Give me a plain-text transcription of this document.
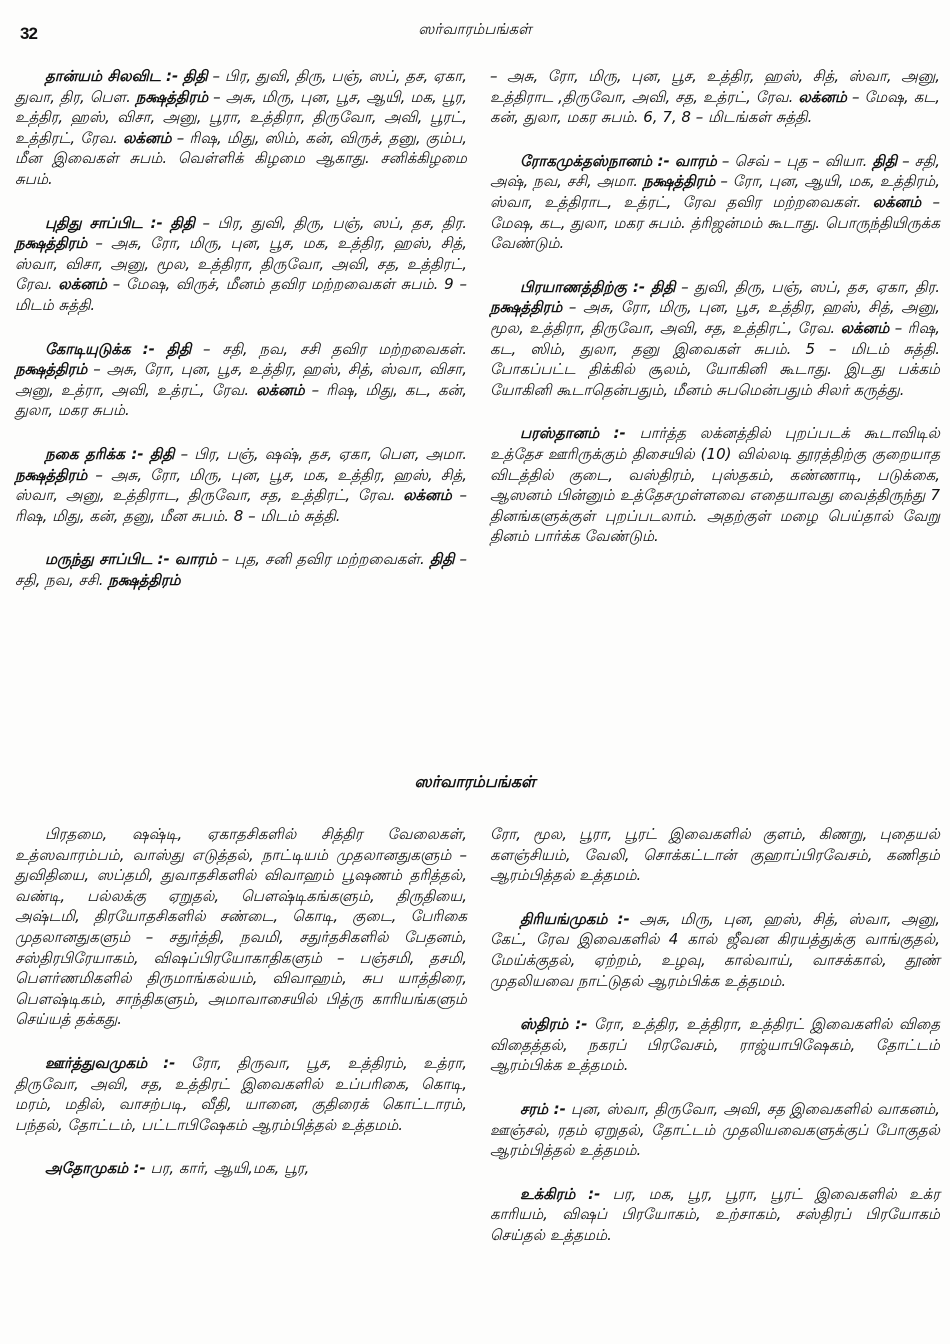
32	ஸர்வாரம்பங்கள்

தான்யம் சிலவிட :- திதி – பிர, துவி, திரு, பஞ், ஸப், தச, ஏகா, துவா, திர, பௌ. நக்ஷத்திரம் – அசு, மிரு, புன, பூச, ஆயி, மக, பூர, உத்திர, ஹஸ், விசா, அனு, பூரா, உத்திரா, திருவோ, அவி, பூரட், உத்திரட், ரேவ. லக்னம் – ரிஷ, மிது, ஸிம், கன், விருச், தனு, கும்ப, மீன இவைகள் சுபம். வெள்ளிக் கிழமை ஆகாது. சனிக்கிழமை சுபம்.

புதிது சாப்பிட :- திதி – பிர, துவி, திரு, பஞ், ஸப், தச, திர. நக்ஷத்திரம் – அசு, ரோ, மிரு, புன, பூச, மக, உத்திர, ஹஸ், சித், ஸ்வா, விசா, அனு, மூல, உத்திரா, திருவோ, அவி, சத, உத்திரட், ரேவ. லக்னம் – மேஷ, விருச், மீனம் தவிர மற்றவைகள் சுபம். 9 – மிடம் சுத்தி.

கோடியுடுக்க :- திதி – சதி, நவ, சசி தவிர மற்றவைகள். நக்ஷத்திரம் – அசு, ரோ, புன, பூச, உத்திர, ஹஸ், சித், ஸ்வா, விசா, அனு, உத்ரா, அவி, உத்ரட், ரேவ. லக்னம் – ரிஷ, மிது, கட, கன், துலா, மகர சுபம்.

நகை தரிக்க :- திதி – பிர, பஞ், ஷஷ், தச, ஏகா, பௌ, அமா. நக்ஷத்திரம் – அசு, ரோ, மிரு, புன, பூச, மக, உத்திர, ஹஸ், சித், ஸ்வா, அனு, உத்திராட, திருவோ, சத, உத்திரட், ரேவ. லக்னம் – ரிஷ, மிது, கன், தனு, மீன சுபம். 8 – மிடம் சுத்தி.

மருந்து சாப்பிட :- வாரம் – புத, சனி தவிர மற்றவைகள். திதி – சதி, நவ, சசி. நக்ஷத்திரம்

– அசு, ரோ, மிரு, புன, பூச, உத்திர, ஹஸ், சித், ஸ்வா, அனு, உத்திராட ,திருவோ, அவி, சத, உத்ரட், ரேவ. லக்னம் – மேஷ, கட, கன், துலா, மகர சுபம். 6, 7, 8 – மிடங்கள் சுத்தி.

ரோகமுக்தஸ்நானம் :- வாரம் – செவ் – புத – வியா. திதி – சதி, அஷ், நவ, சசி, அமா. நக்ஷத்திரம் – ரோ, புன, ஆயி, மக, உத்திரம், ஸ்வா, உத்திராட, உத்ரட், ரேவ தவிர மற்றவைகள். லக்னம் – மேஷ, கட, துலா, மகர சுபம். த்ரிஜன்மம் கூடாது. பொருந்தியிருக்க வேண்டும்.

பிரயாணத்திற்கு :- திதி – துவி, திரு, பஞ், ஸப், தச, ஏகா, திர. நக்ஷத்திரம் – அசு, ரோ, மிரு, புன, பூச, உத்திர, ஹஸ், சித், அனு, மூல, உத்திரா, திருவோ, அவி, சத, உத்திரட், ரேவ. லக்னம் – ரிஷ, கட, ஸிம், துலா, தனு இவைகள் சுபம். 5 – மிடம் சுத்தி. போகப்பட்ட திக்கில் சூலம், யோகினி கூடாது. இடது பக்கம் யோகினி கூடாதென்பதும், மீனம் சுபமென்பதும் சிலர் கருத்து.

பரஸ்தானம் :- பார்த்த லக்னத்தில் புறப்படக் கூடாவிடில் உத்தேச ஊரிருக்கும் திசையில் (10) வில்லடி தூரத்திற்கு குறையாத விடத்தில் குடை, வஸ்திரம், புஸ்தகம், கண்ணாடி, படுக்கை, ஆஸனம் பின்னும் உத்தேசமுள்ளவை எதையாவது வைத்திருந்து 7 தினங்களுக்குள் புறப்படலாம். அதற்குள் மழை பெய்தால் வேறு தினம் பார்க்க வேண்டும்.

ஸர்வாரம்பங்கள்

பிரதமை, ஷஷ்டி, ஏகாதசிகளில் சித்திர வேலைகள், உத்ஸவாரம்பம், வாஸ்து எடுத்தல், நாட்டியம் முதலானதுகளும் – துவிதியை, ஸப்தமி, துவாதசிகளில் விவாஹம் பூஷணம் தரித்தல், வண்டி, பல்லக்கு ஏறுதல், பௌஷ்டிகங்களும், திருதியை, அஷ்டமி, திரயோதசிகளில் சண்டை, கொடி, குடை, பேரிகை முதலானதுகளும் – சதுர்த்தி, நவமி, சதுர்தசிகளில் பேதனம், சஸ்திரபிரேயாகம், விஷப்பிரயோகாதிகளும் – பஞ்சமி, தசமி, பௌர்ணமிகளில் திருமாங்கல்யம், விவாஹம், சுப யாத்திரை, பௌஷ்டிகம், சாந்திகளும், அமாவாசையில் பித்ரு காரியங்களும் செய்யத் தக்கது.

ஊர்த்துவமுகம் :- ரோ, திருவா, பூச, உத்திரம், உத்ரா, திருவோ, அவி, சத, உத்திரட் இவைகளில் உப்பரிகை, கொடி, மரம், மதில், வாசற்படி, வீதி, யானை, குதிரைக் கொட்டாரம், பந்தல், தோட்டம், பட்டாபிஷேகம் ஆரம்பித்தல் உத்தமம்.

அதோமுகம் :- பர, கார், ஆயி,மக, பூர,

ரோ, மூல, பூரா, பூரட் இவைகளில் குளம், கிணறு, புதையல் களஞ்சியம், வேலி, சொக்கட்டான் குஹாப்பிரவேசம், கணிதம் ஆரம்பித்தல் உத்தமம்.

திரியங்முகம் :- அசு, மிரு, புன, ஹஸ், சித், ஸ்வா, அனு, கேட், ரேவ இவைகளில் 4 கால் ஜீவன கிரயத்துக்கு வாங்குதல், மேய்க்குதல், ஏற்றம், உழவு, கால்வாய், வாசக்கால், தூண் முதலியவை நாட்டுதல் ஆரம்பிக்க உத்தமம்.

ஸ்திரம் :- ரோ, உத்திர, உத்திரா, உத்திரட் இவைகளில் விதை விதைத்தல், நகரப் பிரவேசம், ராஜ்யாபிஷேகம், தோட்டம் ஆரம்பிக்க உத்தமம்.

சரம் :- புன, ஸ்வா, திருவோ, அவி, சத இவைகளில் வாகனம், ஊஞ்சல், ரதம் ஏறுதல், தோட்டம் முதலியவைகளுக்குப் போகுதல் ஆரம்பித்தல் உத்தமம்.

உக்கிரம் :- பர, மக, பூர, பூரா, பூரட் இவைகளில் உக்ர காரியம், விஷப் பிரயோகம், உற்சாகம், சஸ்திரப் பிரயோகம் செய்தல் உத்தமம்.
